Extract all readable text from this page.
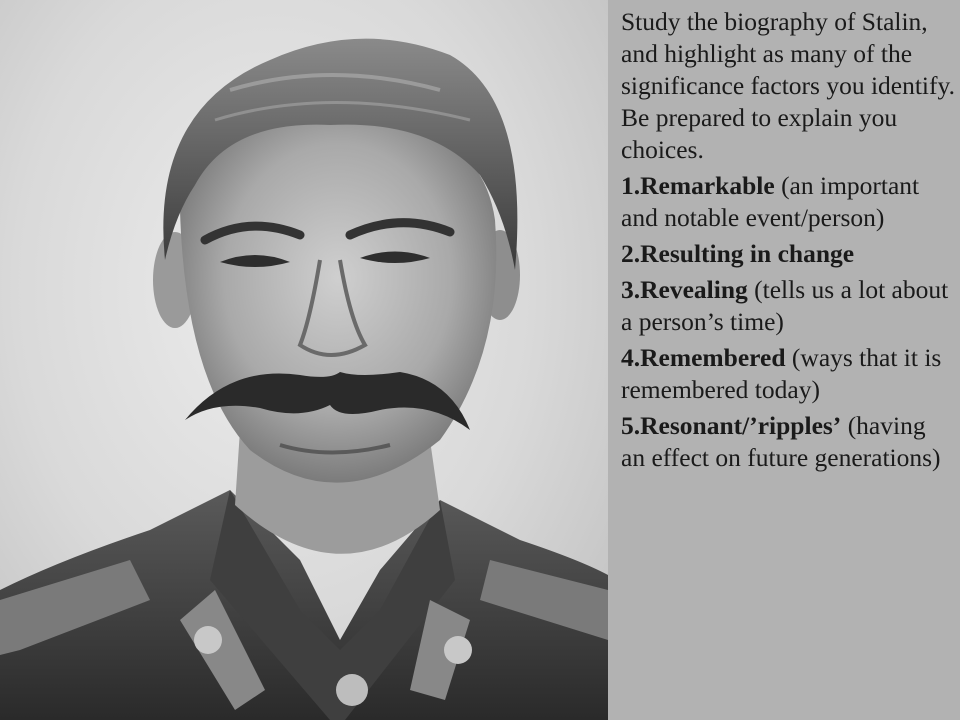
Study the biography of Stalin, and highlight as many of the significance factors you identify. Be prepared to explain you choices.

1.Remarkable (an important and notable event/person)

2.Resulting in change

3.Revealing (tells us a lot about a person’s time)

4.Remembered (ways that it is remembered today)

5.Resonant/’ripples’ (having an effect on future generations)
